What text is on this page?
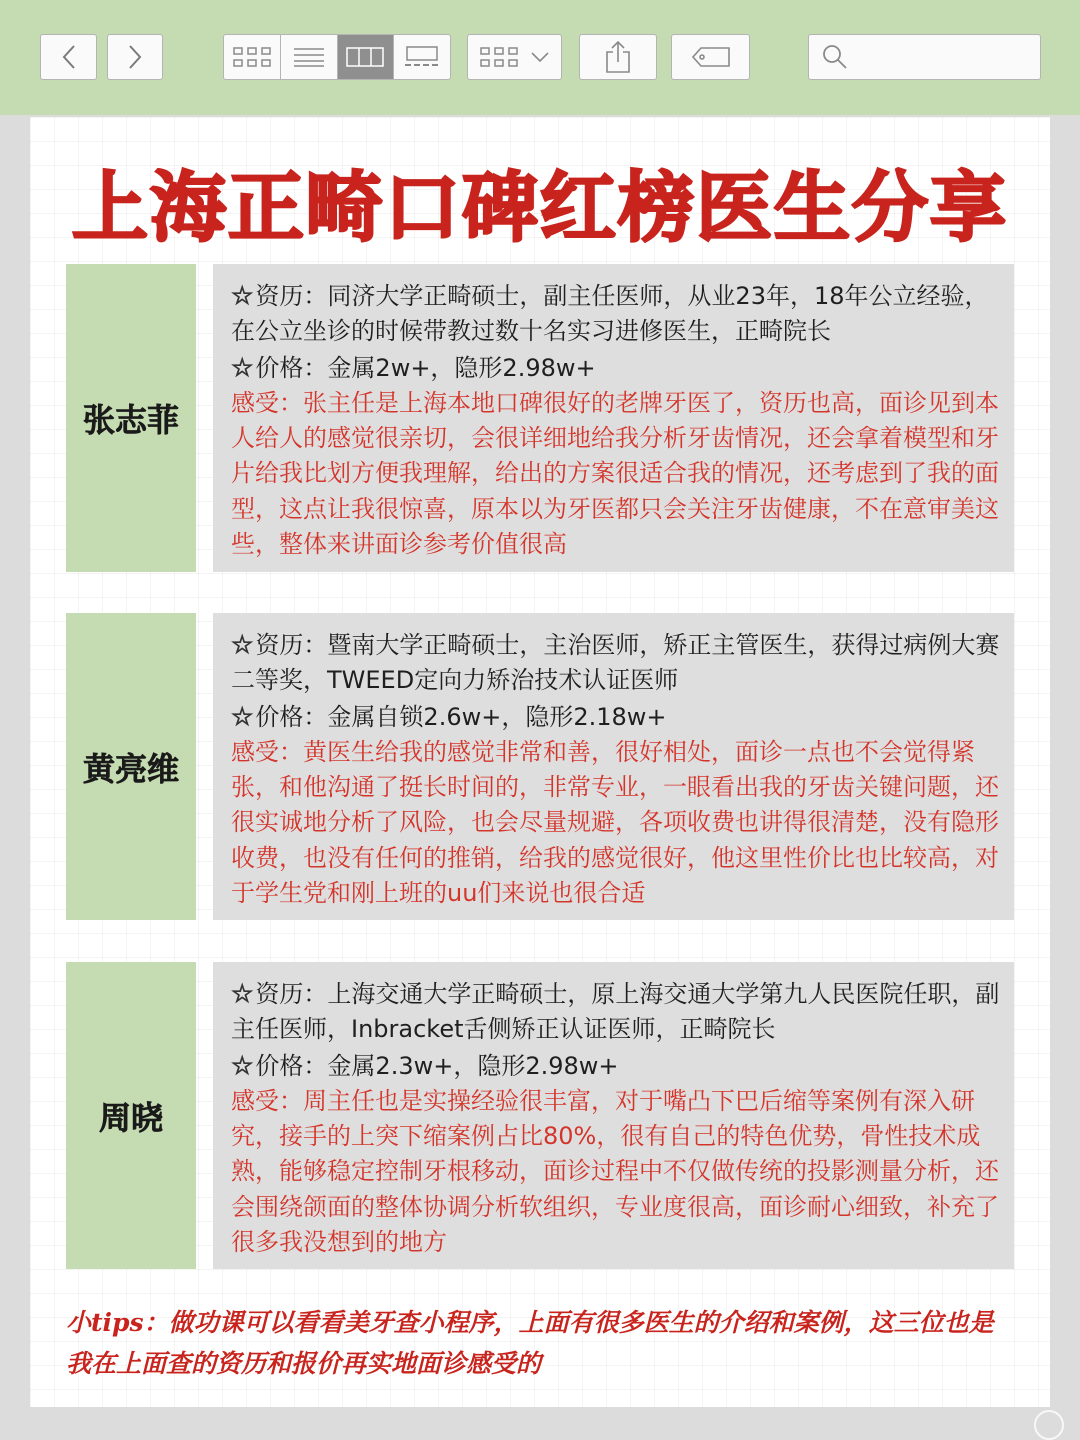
上海正畸口碑红榜医生分享
张志菲

☆资历：同济大学正畸硕士，副主任医师，从业23年，18年公立经验，在公立坐诊的时候带教过数十名实习进修医生，正畸院长

☆价格：金属2w+，隐形2.98w+

感受：张主任是上海本地口碑很好的老牌牙医了，资历也高，面诊见到本人给人的感觉很亲切，会很详细地给我分析牙齿情况，还会拿着模型和牙片给我比划方便我理解，给出的方案很适合我的情况，还考虑到了我的面型，这点让我很惊喜，原本以为牙医都只会关注牙齿健康，不在意审美这些，整体来讲面诊参考价值很高

黄亮维

☆资历：暨南大学正畸硕士，主治医师，矫正主管医生，获得过病例大赛二等奖，TWEED定向力矫治技术认证医师

☆价格：金属自锁2.6w+，隐形2.18w+

感受：黄医生给我的感觉非常和善，很好相处，面诊一点也不会觉得紧张，和他沟通了挺长时间的，非常专业，一眼看出我的牙齿关键问题，还很实诚地分析了风险，也会尽量规避，各项收费也讲得很清楚，没有隐形收费，也没有任何的推销，给我的感觉很好，他这里性价比也比较高，对于学生党和刚上班的uu们来说也很合适

周晓

☆资历：上海交通大学正畸硕士，原上海交通大学第九人民医院任职，副主任医师，Inbracket舌侧矫正认证医师，正畸院长

☆价格：金属2.3w+，隐形2.98w+

感受：周主任也是实操经验很丰富，对于嘴凸下巴后缩等案例有深入研究，接手的上突下缩案例占比80%，很有自己的特色优势，骨性技术成熟，能够稳定控制牙根移动，面诊过程中不仅做传统的投影测量分析，还会围绕颌面的整体协调分析软组织，专业度很高，面诊耐心细致，补充了很多我没想到的地方

小tips：做功课可以看看美牙查小程序，上面有很多医生的介绍和案例，这三位也是我在上面查的资历和报价再实地面诊感受的
